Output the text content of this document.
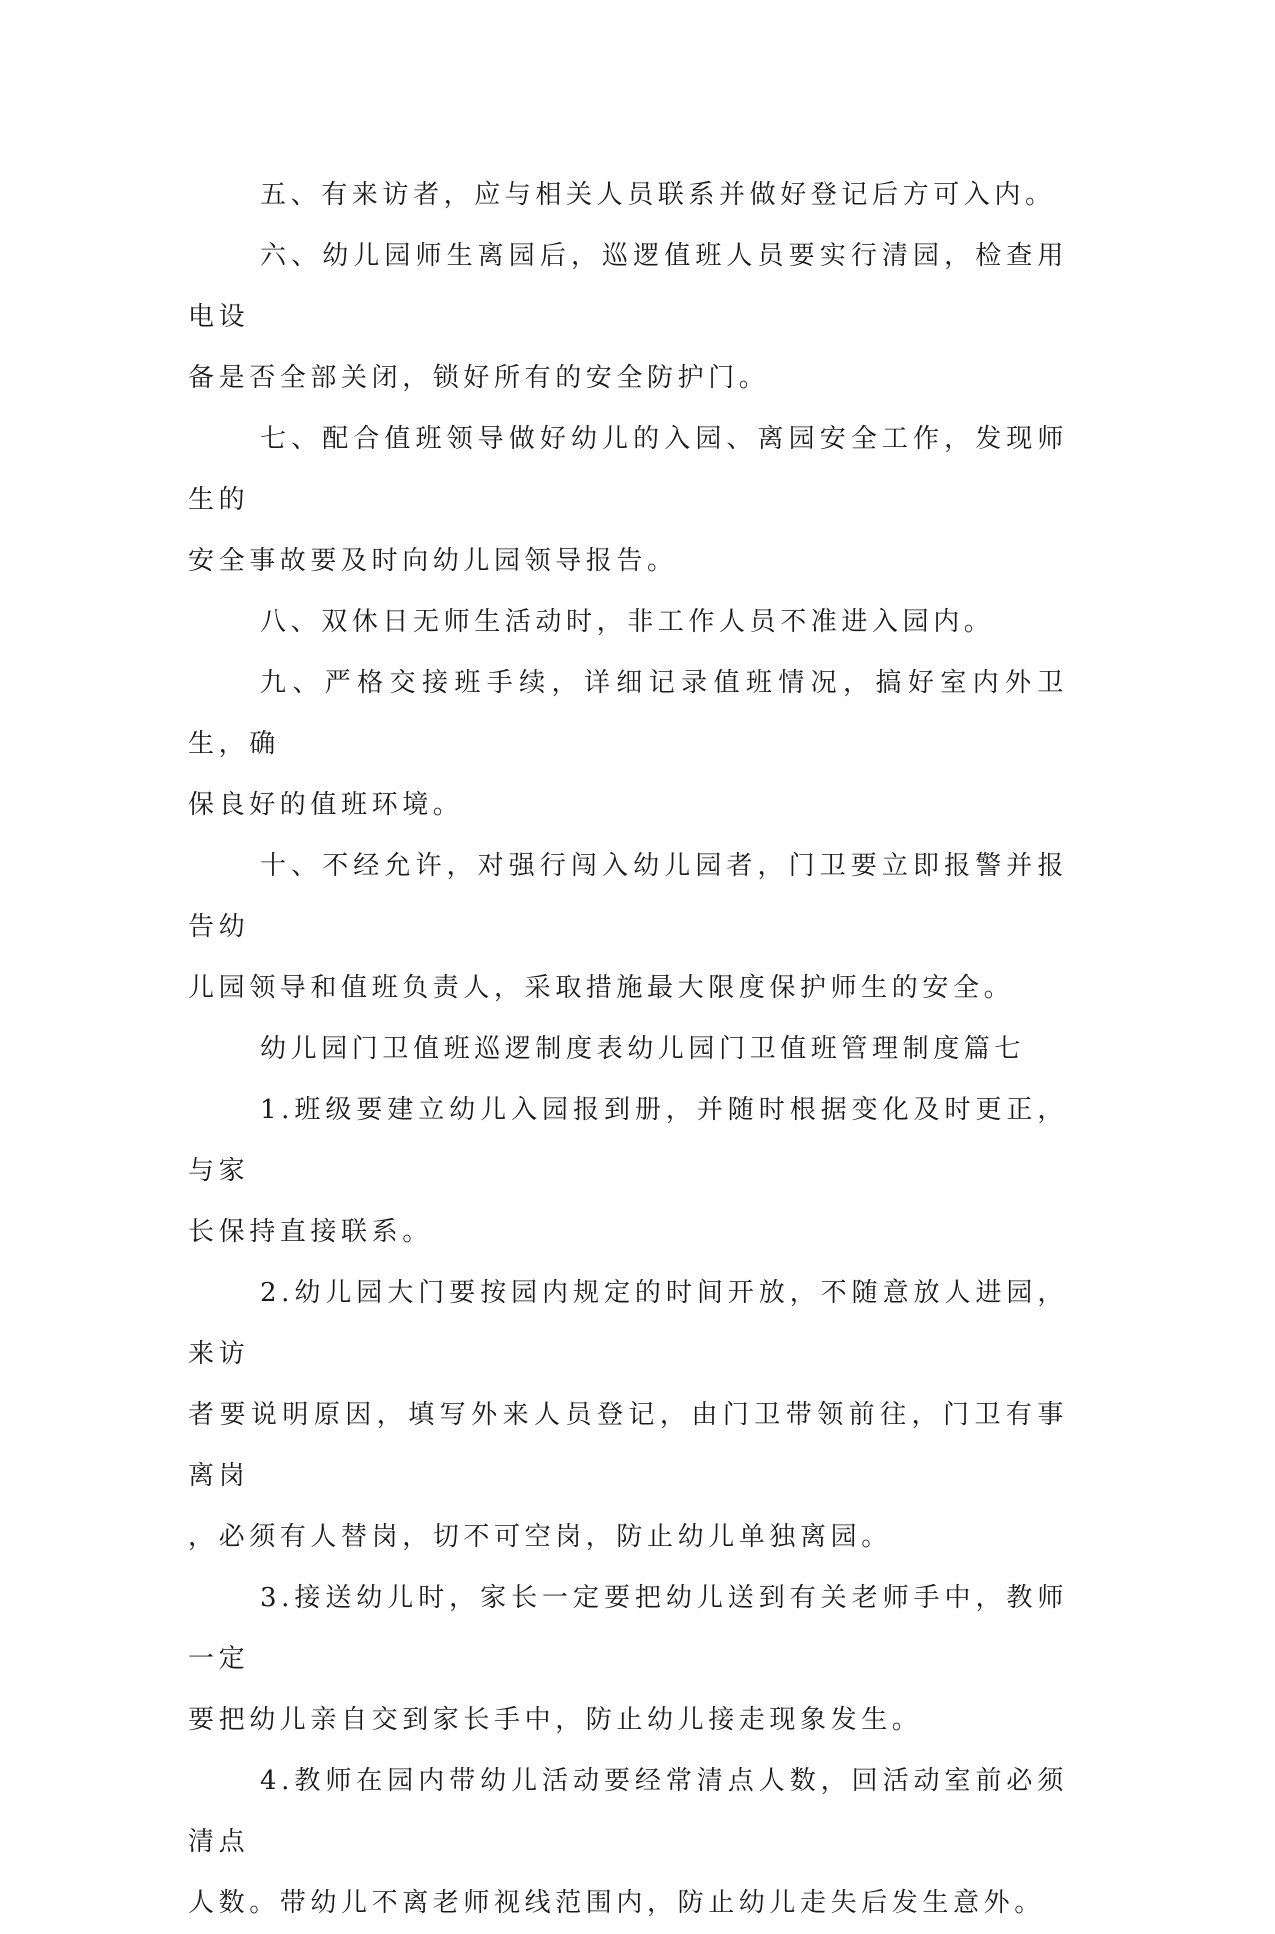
五、有来访者，应与相关人员联系并做好登记后方可入内。

六、幼儿园师生离园后，巡逻值班人员要实行清园，检查用电设
备是否全部关闭，锁好所有的安全防护门。

七、配合值班领导做好幼儿的入园、离园安全工作，发现师生的
安全事故要及时向幼儿园领导报告。

八、双休日无师生活动时，非工作人员不准进入园内。

九、严格交接班手续，详细记录值班情况，搞好室内外卫生，确
保良好的值班环境。

十、不经允许，对强行闯入幼儿园者，门卫要立即报警并报告幼
儿园领导和值班负责人，采取措施最大限度保护师生的安全。

幼儿园门卫值班巡逻制度表幼儿园门卫值班管理制度篇七

1.班级要建立幼儿入园报到册，并随时根据变化及时更正，与家
长保持直接联系。

2.幼儿园大门要按园内规定的时间开放，不随意放人进园，来访
者要说明原因，填写外来人员登记，由门卫带领前往，门卫有事离岗
，必须有人替岗，切不可空岗，防止幼儿单独离园。

3.接送幼儿时，家长一定要把幼儿送到有关老师手中，教师一定
要把幼儿亲自交到家长手中，防止幼儿接走现象发生。

4.教师在园内带幼儿活动要经常清点人数，回活动室前必须清点
人数。带幼儿不离老师视线范围内，防止幼儿走失后发生意外。
